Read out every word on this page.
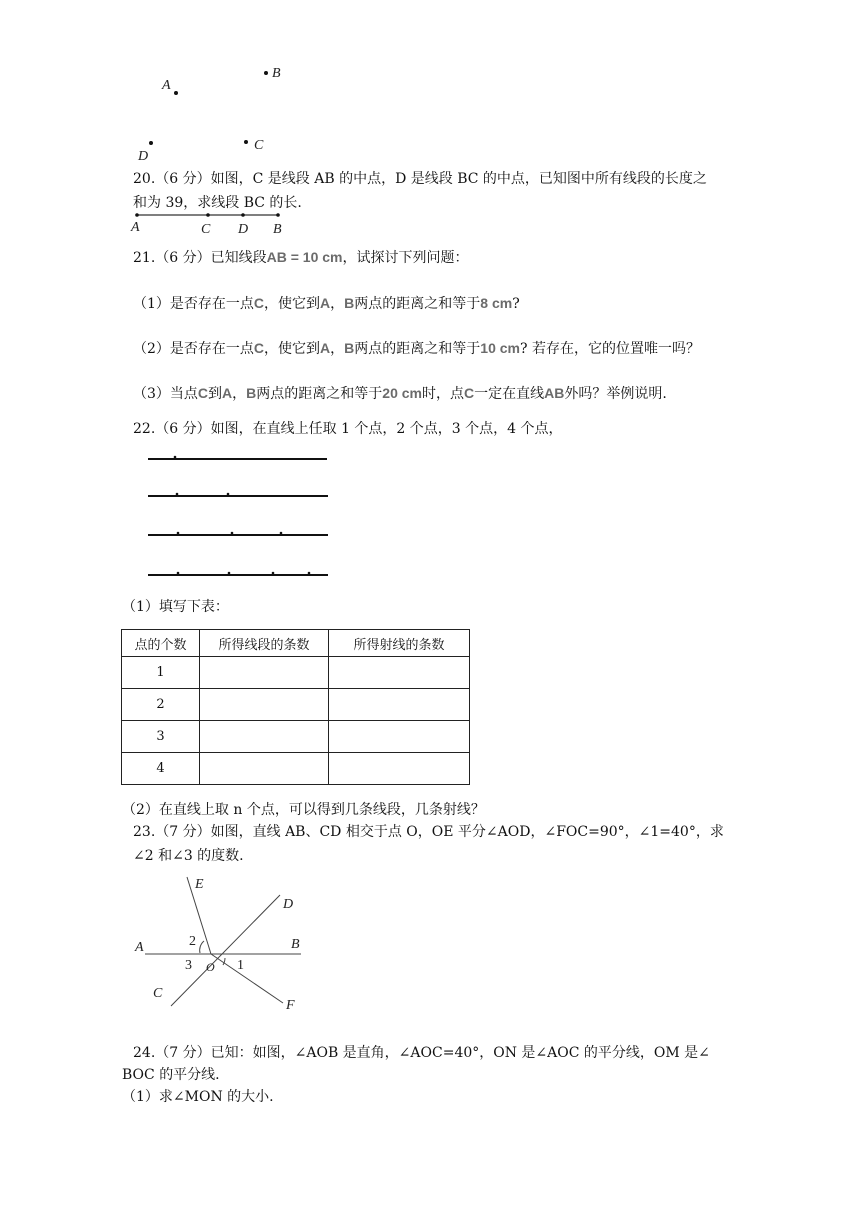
A
B
D
C
20.（6 分）如图，C 是线段 AB 的中点，D 是线段 BC 的中点，已知图中所有线段的长度之
和为 39，求线段 BC 的长.
A	C D B
21.（6 分）已知线段AB = 10 cm，试探讨下列问题：
（1）是否存在一点C，使它到A，B两点的距离之和等于8 cm?
（2）是否存在一点C，使它到A，B两点的距离之和等于10 cm? 若存在，它的位置唯一吗？
（3）当点C到A，B两点的距离之和等于20 cm时，点C一定在直线AB外吗？举例说明.
22.（6 分）如图，在直线上任取 1 个点，2 个点，3 个点，4 个点，
（1）填写下表：
点的个数	所得线段的条数	所得射线的条数
1		
2		
3		
4		
（2）在直线上取 n 个点，可以得到几条线段，几条射线？
23.（7 分）如图，直线 AB、CD 相交于点 O，OE 平分∠AOD，∠FOC=90°，∠1=40°，求
∠2 和∠3 的度数.
E
D
A	B
C
F
O 1
2
3
24.（7 分）已知：如图，∠AOB 是直角，∠AOC=40°，ON 是∠AOC 的平分线，OM 是∠
BOC 的平分线.
（1）求∠MON 的大小.
